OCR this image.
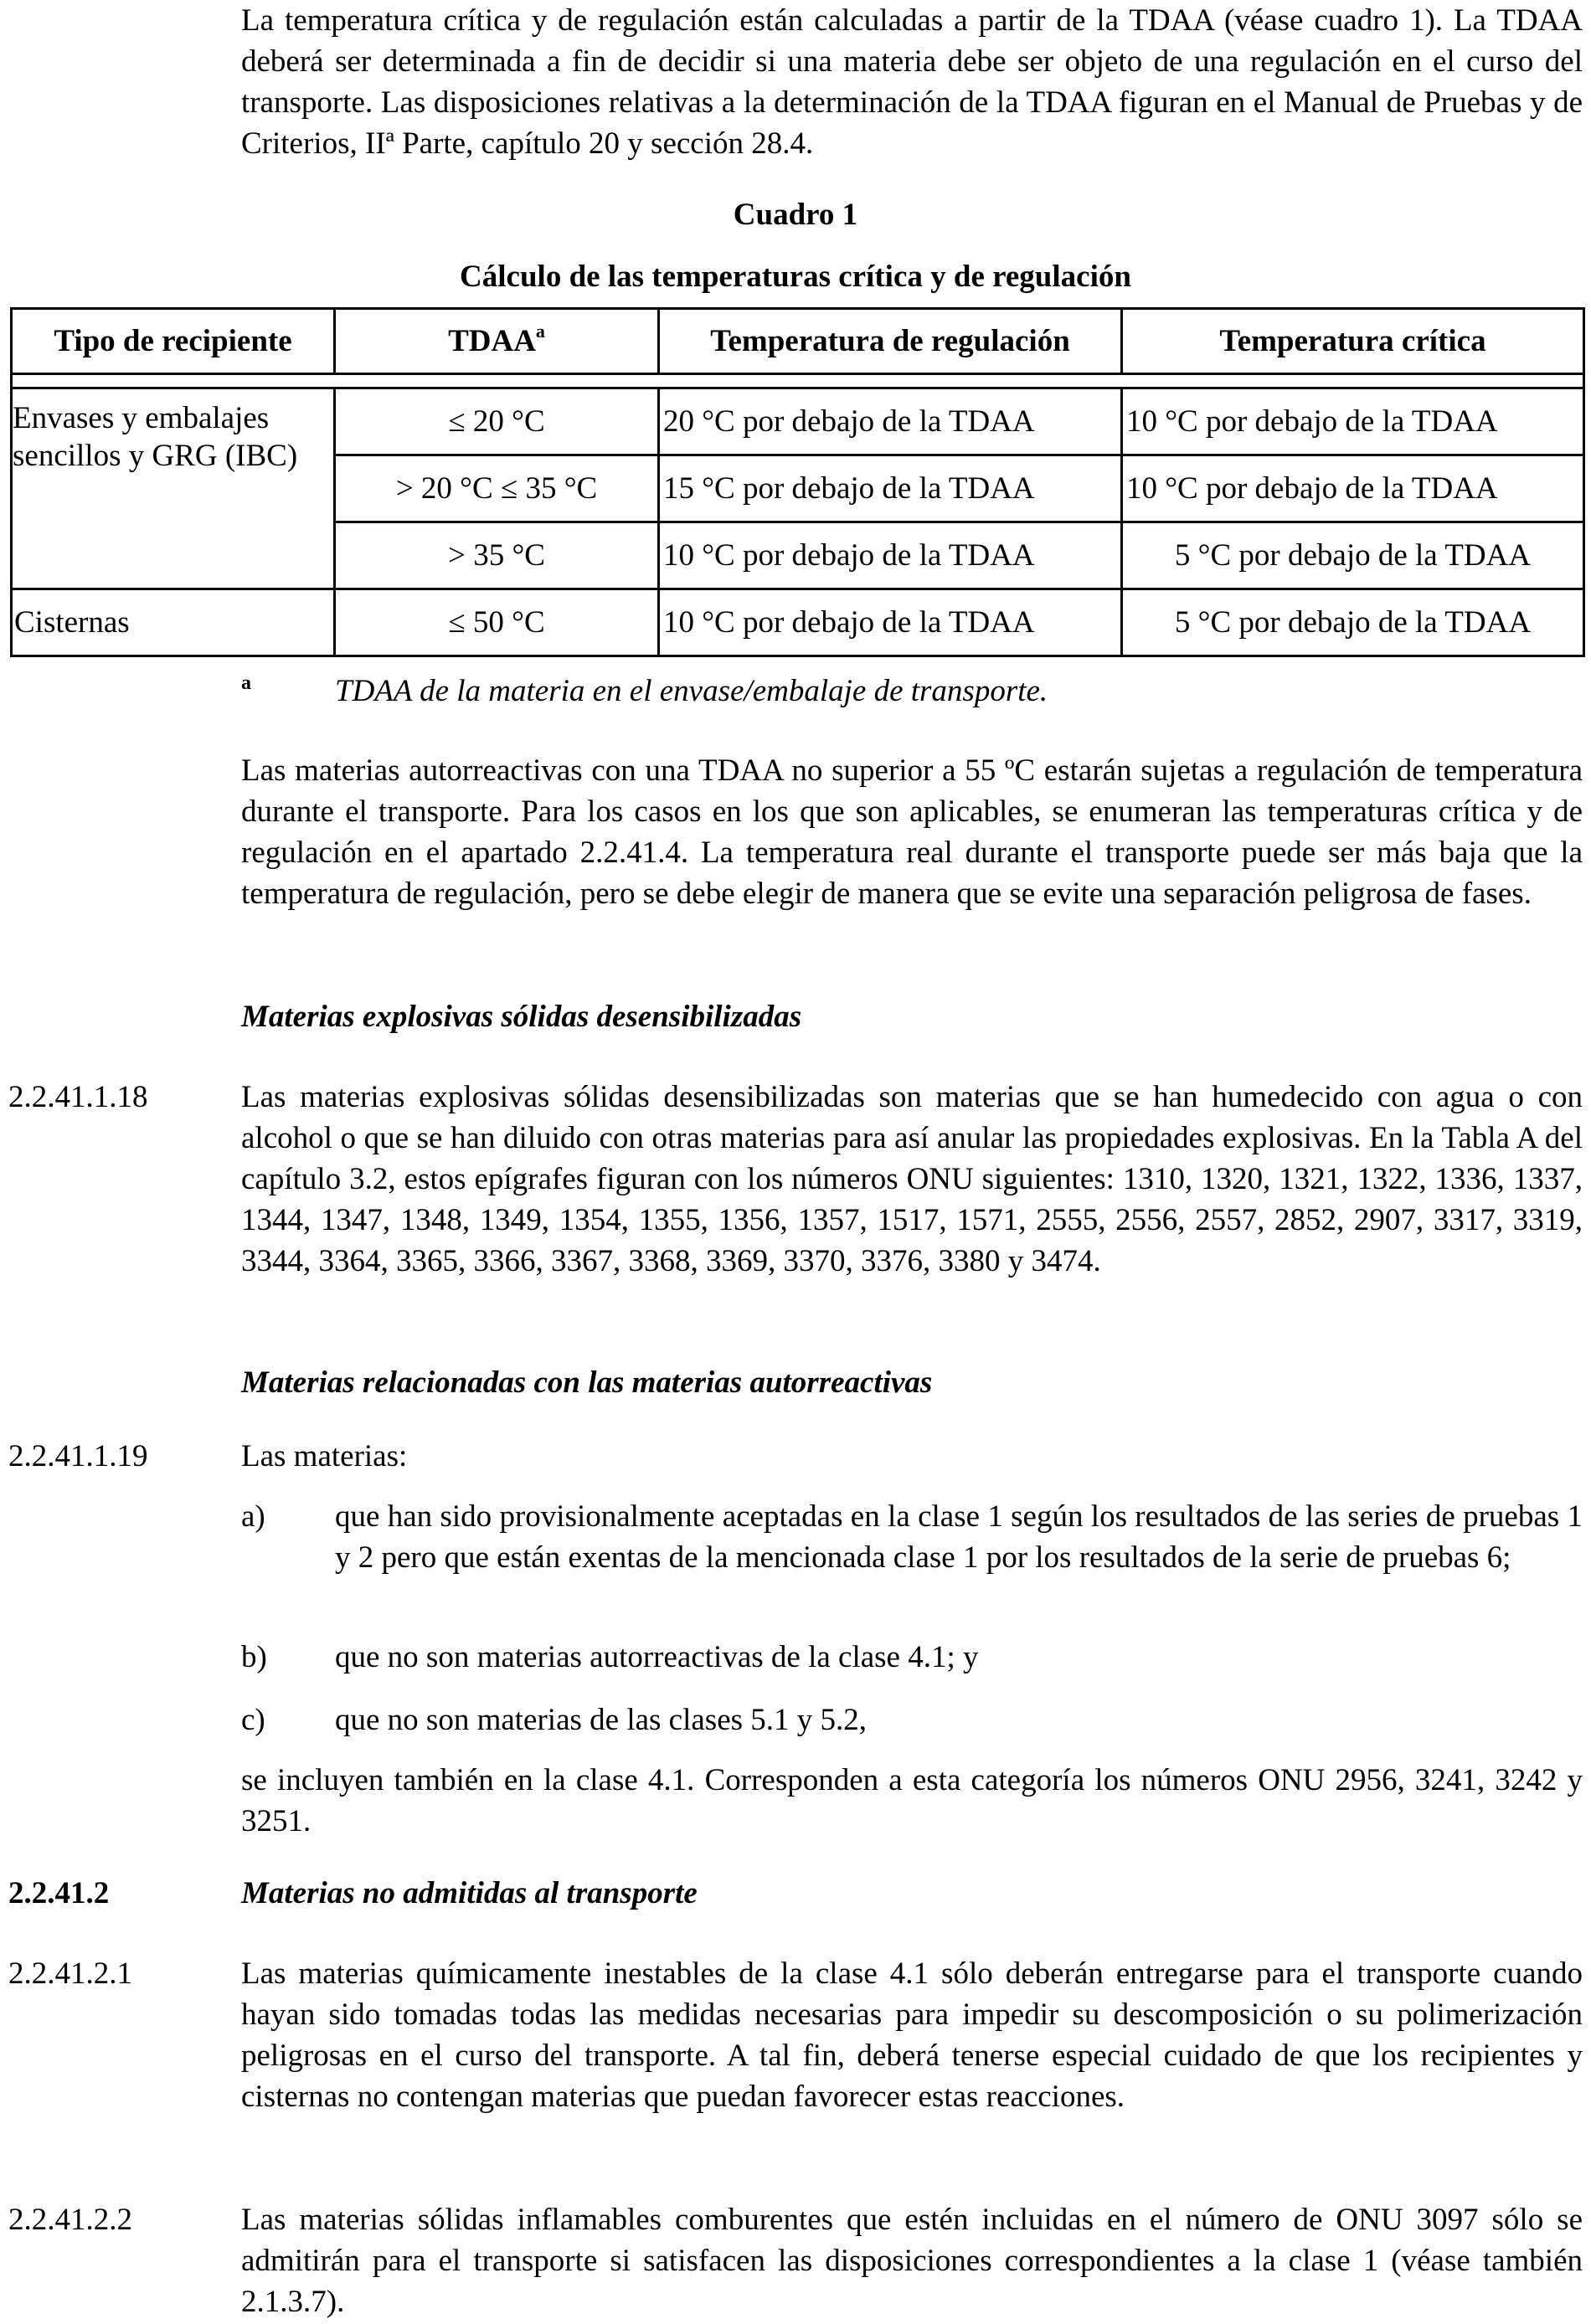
La temperatura crítica y de regulación están calculadas a partir de la TDAA (véase cuadro 1). La TDAA deberá ser determinada a fin de decidir si una materia debe ser objeto de una regulación en el curso del transporte. Las disposiciones relativas a la determinación de la TDAA figuran en el Manual de Pruebas y de Criterios, IIª Parte, capítulo 20 y sección 28.4.

Cuadro 1
Cálculo de las temperaturas crítica y de regulación
Tipo de recipiente	TDAA$^a$	Temperatura de regulación	Temperatura crítica

Envases y embalajes sencillos y GRG (IBC)	≤ 20 °C	20 °C por debajo de la TDAA	10 °C por debajo de la TDAA
	> 20 °C ≤ 35 °C	15 °C por debajo de la TDAA	10 °C por debajo de la TDAA
	> 35 °C	10 °C por debajo de la TDAA	5 °C por debajo de la TDAA
Cisternas	≤ 50 °C	10 °C por debajo de la TDAA	5 °C por debajo de la TDAA
a	TDAA de la materia en el envase/embalaje de transporte.

Las materias autorreactivas con una TDAA no superior a 55 ºC estarán sujetas a regulación de temperatura durante el transporte. Para los casos en los que son aplicables, se enumeran las temperaturas crítica y de regulación en el apartado 2.2.41.4. La temperatura real durante el transporte puede ser más baja que la temperatura de regulación, pero se debe elegir de manera que se evite una separación peligrosa de fases.

Materias explosivas sólidas desensibilizadas
2.2.41.1.18	Las materias explosivas sólidas desensibilizadas son materias que se han humedecido con agua o con alcohol o que se han diluido con otras materias para así anular las propiedades explosivas. En la Tabla A del capítulo 3.2, estos epígrafes figuran con los números ONU siguientes: 1310, 1320, 1321, 1322, 1336, 1337, 1344, 1347, 1348, 1349, 1354, 1355, 1356, 1357, 1517, 1571, 2555, 2556, 2557, 2852, 2907, 3317, 3319, 3344, 3364, 3365, 3366, 3367, 3368, 3369, 3370, 3376, 3380 y 3474.

Materias relacionadas con las materias autorreactivas
2.2.41.1.19	Las materias:
a) que han sido provisionalmente aceptadas en la clase 1 según los resultados de las series de pruebas 1 y 2 pero que están exentas de la mencionada clase 1 por los resultados de la serie de pruebas 6;

b) que no son materias autorreactivas de la clase 4.1; y

c) que no son materias de las clases 5.1 y 5.2,

se incluyen también en la clase 4.1. Corresponden a esta categoría los números ONU 2956, 3241, 3242 y 3251.

2.2.41.2	Materias no admitidas al transporte
2.2.41.2.1	Las materias químicamente inestables de la clase 4.1 sólo deberán entregarse para el transporte cuando hayan sido tomadas todas las medidas necesarias para impedir su descomposición o su polimerización peligrosas en el curso del transporte. A tal fin, deberá tenerse especial cuidado de que los recipientes y cisternas no contengan materias que puedan favorecer estas reacciones.

2.2.41.2.2	Las materias sólidas inflamables comburentes que estén incluidas en el número de ONU 3097 sólo se admitirán para el transporte si satisfacen las disposiciones correspondientes a la clase 1 (véase también 2.1.3.7).
